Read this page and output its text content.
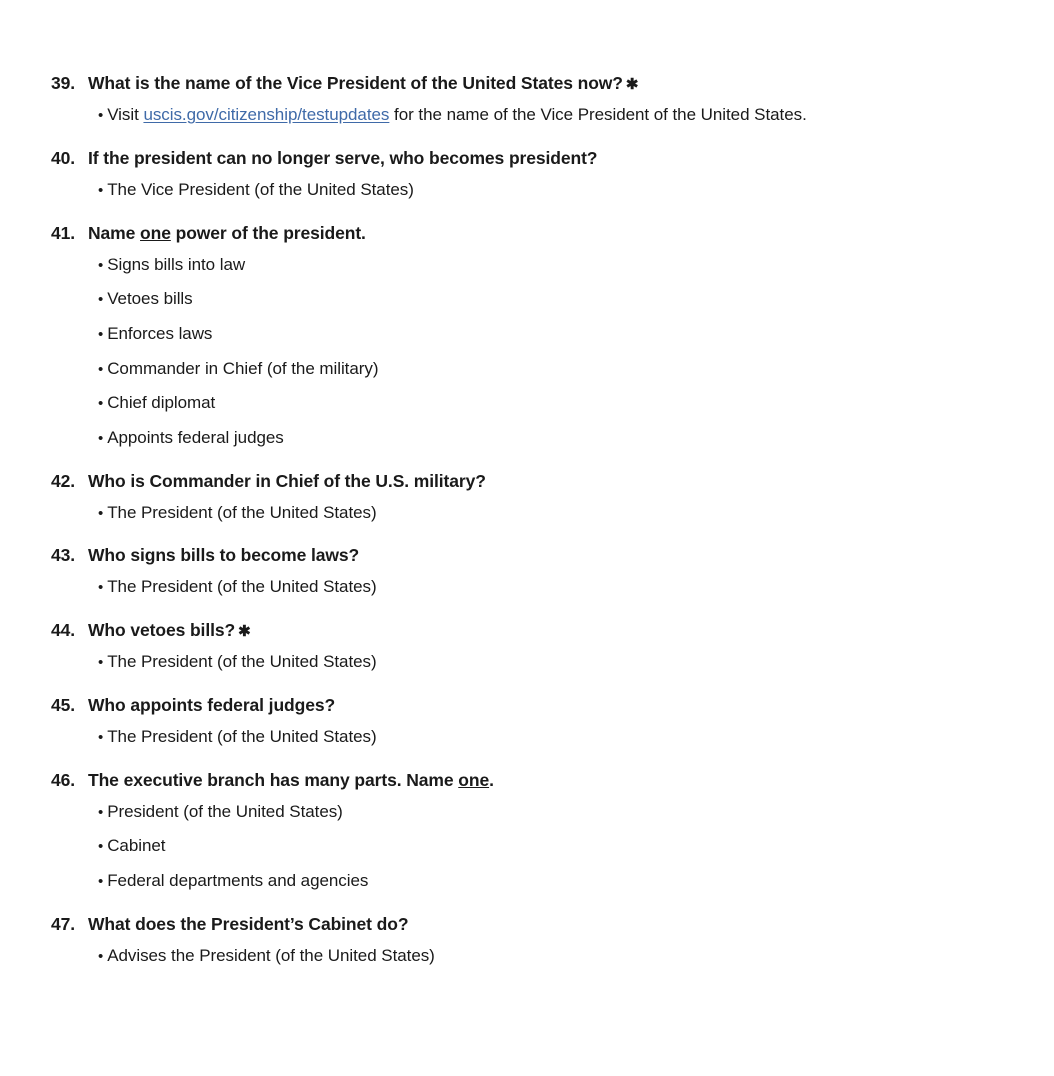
39. What is the name of the Vice President of the United States now? ✱
• Visit uscis.gov/citizenship/testupdates for the name of the Vice President of the United States.
40. If the president can no longer serve, who becomes president?
• The Vice President (of the United States)
41. Name one power of the president.
• Signs bills into law
• Vetoes bills
• Enforces laws
• Commander in Chief (of the military)
• Chief diplomat
• Appoints federal judges
42. Who is Commander in Chief of the U.S. military?
• The President (of the United States)
43. Who signs bills to become laws?
• The President (of the United States)
44. Who vetoes bills? ✱
• The President (of the United States)
45. Who appoints federal judges?
• The President (of the United States)
46. The executive branch has many parts. Name one.
• President (of the United States)
• Cabinet
• Federal departments and agencies
47. What does the President’s Cabinet do?
• Advises the President (of the United States)
